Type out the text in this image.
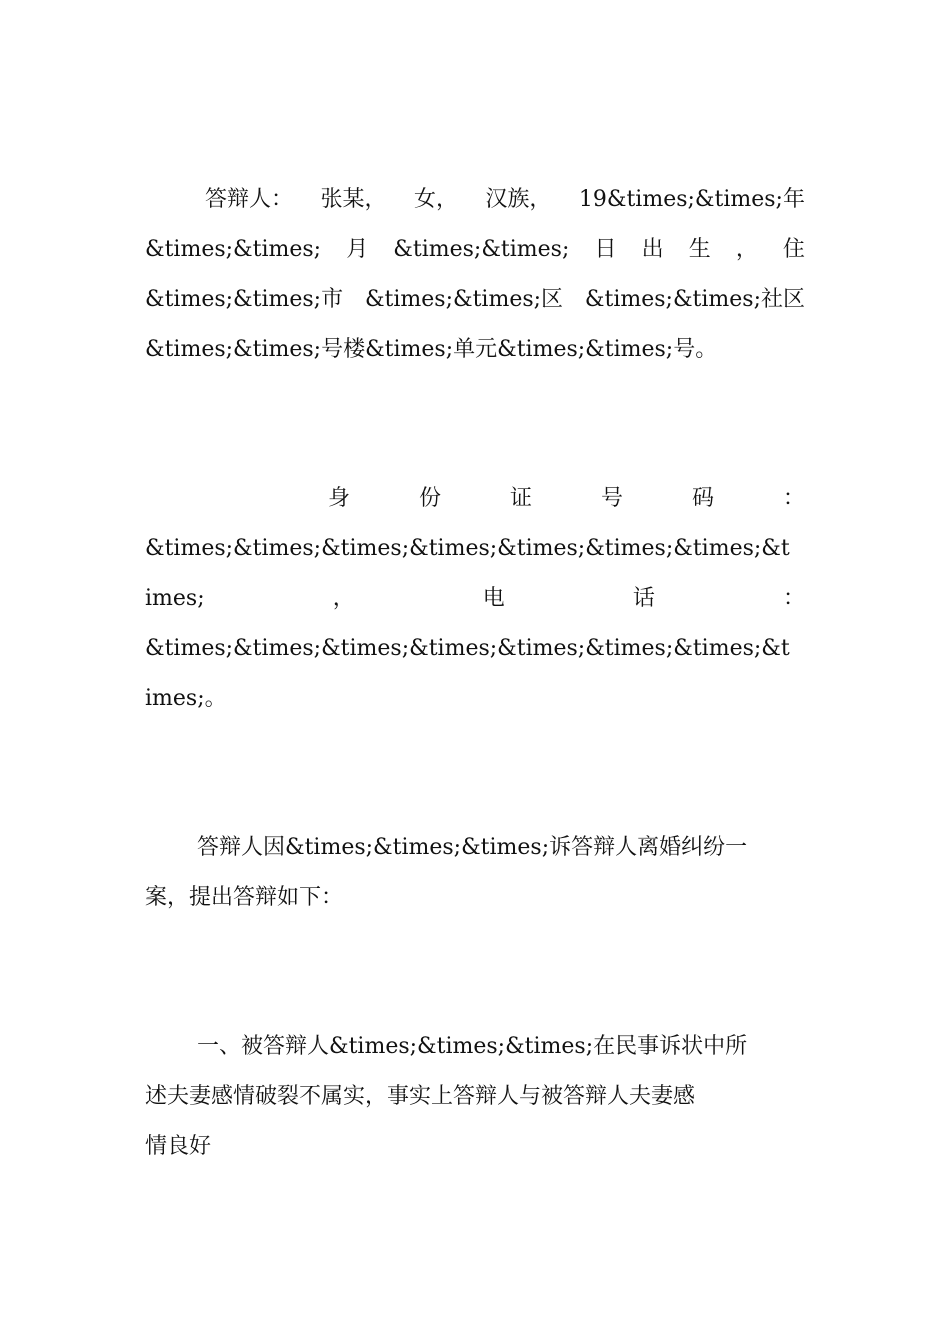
答辩人： 张某， 女， 汉族， 19&times;&times;年
&times;&times; 月 &times;&times; 日 出 生 ， 住
&times;&times;市 &times;&times;区 &times;&times;社区
&times;&times;号楼&times;单元&times;&times;号。
身	份	证	号	码	：
&times;&times;&times;&times;&times;&times;&times;&t
imes;	，	电	话	：
&times;&times;&times;&times;&times;&times;&times;&t
imes;。
答辩人因&times;&times;&times;诉答辩人离婚纠纷一
案，提出答辩如下：
一、被答辩人&times;&times;&times;在民事诉状中所
述夫妻感情破裂不属实，事实上答辩人与被答辩人夫妻感
情良好
